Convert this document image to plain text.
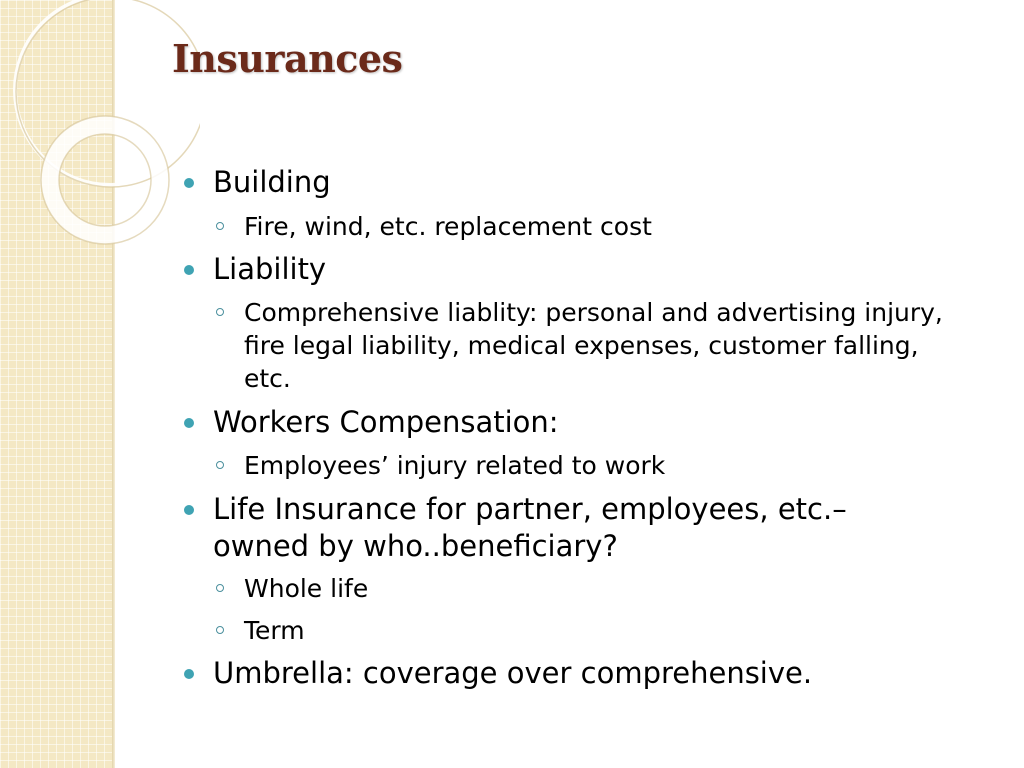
Insurances
Building
Fire, wind, etc. replacement cost
Liability
Comprehensive liablity: personal and advertising injury, fire legal liability, medical expenses, customer falling, etc.
Workers Compensation:
Employees’ injury related to work
Life Insurance for partner, employees, etc.– owned by who..beneficiary?
Whole life
Term
Umbrella: coverage over comprehensive.
